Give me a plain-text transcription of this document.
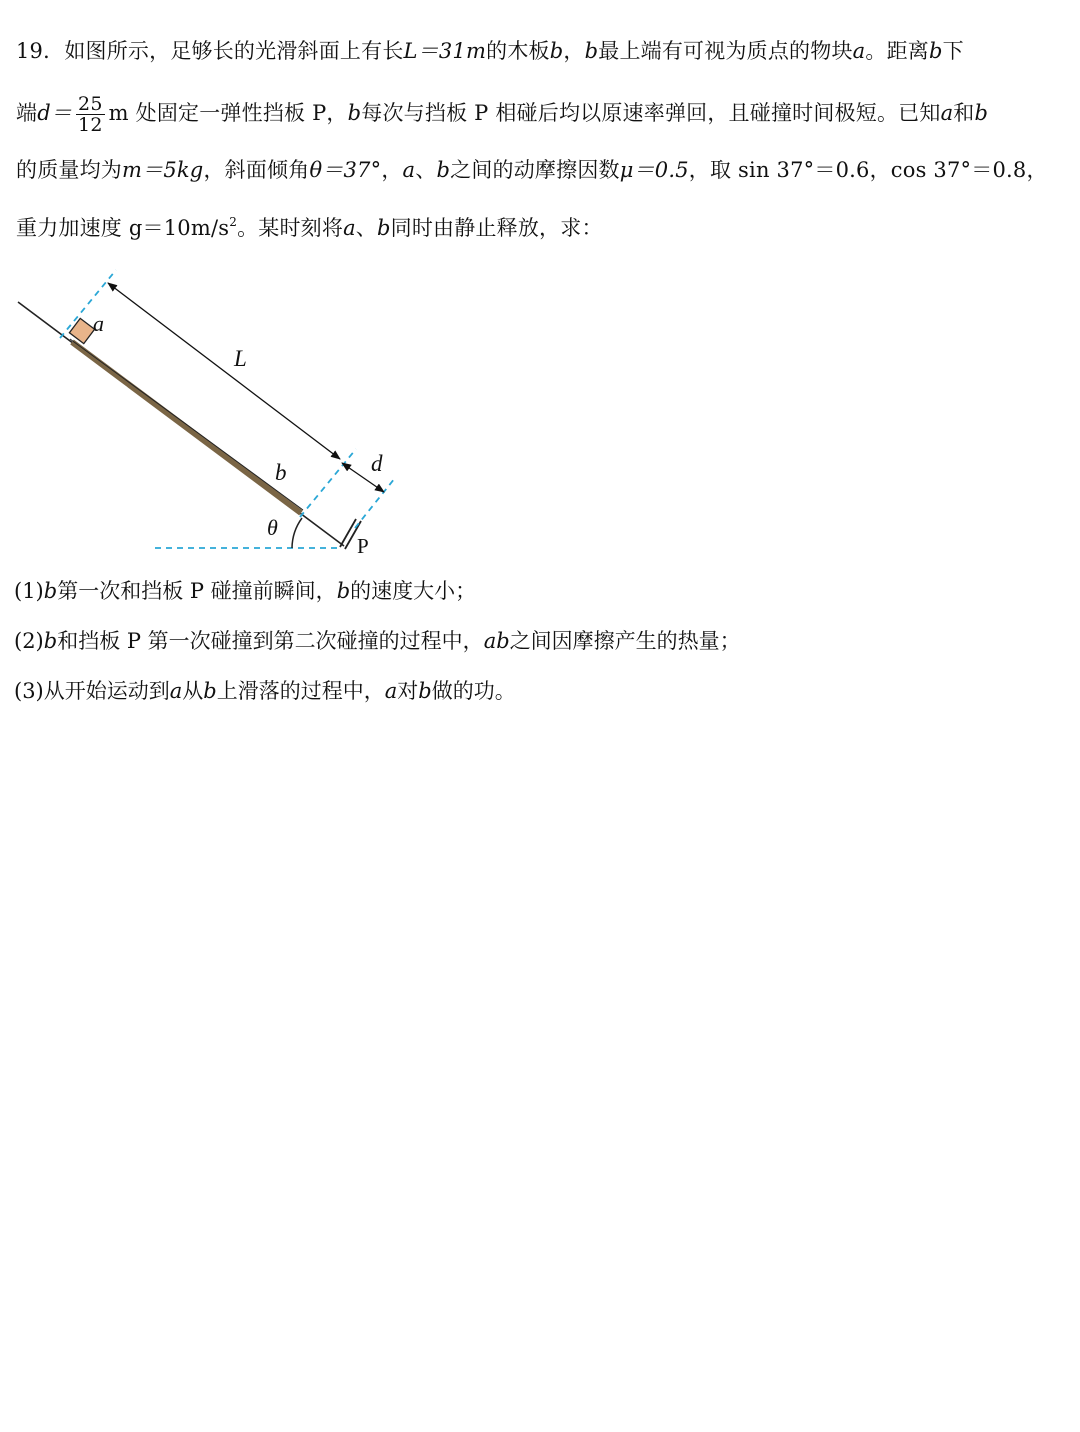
19．如图所示，足够长的光滑斜面上有长L＝31m的木板b，b最上端有可视为质点的物块a。距离b下
端$d= \frac{25}{12}$ m 处固定一弹性挡板 P，b每次与挡板 P 相碰后均以原速率弹回，且碰撞时间极短。已知a和b
的质量均为m＝5kg，斜面倾角θ＝37°，a、b之间的动摩擦因数μ＝0.5，取 sin 37°＝0.6，cos 37°＝0.8，
重力加速度 $g=10m/s^2$。某时刻将a、b同时由静止释放，求：
a
L
b	d
θ
P
(1)b第一次和挡板 P 碰撞前瞬间，b的速度大小；
(2)b和挡板 P 第一次碰撞到第二次碰撞的过程中，ab之间因摩擦产生的热量；
(3)从开始运动到a从b上滑落的过程中，a对b做的功。
